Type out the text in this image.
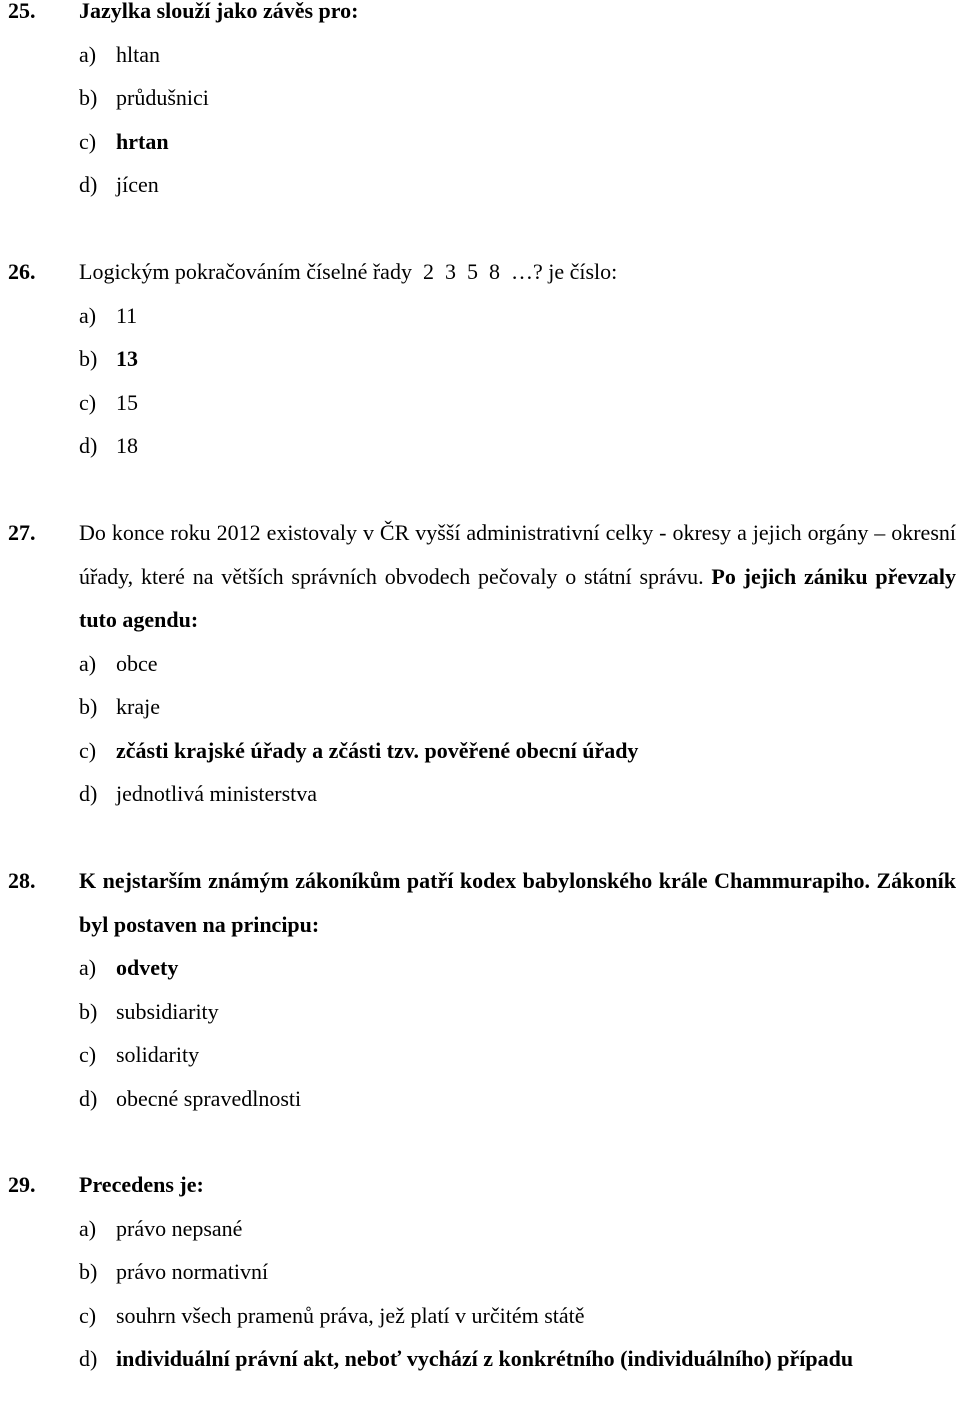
25. Jazylka slouží jako závěs pro:
a) hltan
b) průdušnici
c) hrtan
d) jícen
26. Logickým pokračováním číselné řady  2  3  5  8  …? je číslo:
a) 11
b) 13
c) 15
d) 18
27. Do konce roku 2012 existovaly v ČR vyšší administrativní celky - okresy a jejich orgány – okresní úřady, které na větších správních obvodech pečovaly o státní správu. Po jejich zániku převzaly tuto agendu:
a) obce
b) kraje
c) zčásti krajské úřady a zčásti tzv. pověřené obecní úřady
d) jednotlivá ministerstva
28. K nejstarším známým zákoníkům patří kodex babylonského krále Chammurapiho. Zákoník byl postaven na principu:
a) odvety
b) subsidiarity
c) solidarity
d) obecné spravedlnosti
29. Precedens je:
a) právo nepsané
b) právo normativní
c) souhrn všech pramenů práva, jež platí v určitém státě
d) individuální právní akt, neboť vychází z konkrétního (individuálního) případu
